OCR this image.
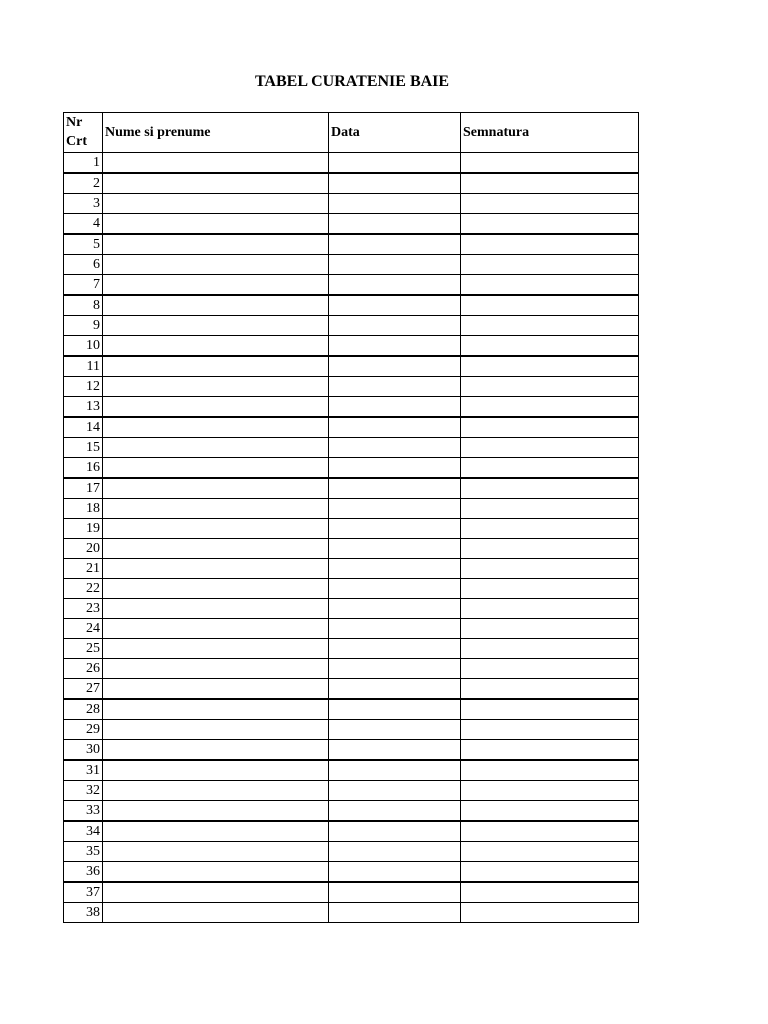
TABEL CURATENIE BAIE
Nr
Crt	Nume si prenume	Data	Semnatura
1			
2			
3			
4			
5			
6			
7			
8			
9			
10			
11			
12			
13			
14			
15			
16			
17			
18			
19			
20			
21			
22			
23			
24			
25			
26			
27			
28			
29			
30			
31			
32			
33			
34			
35			
36			
37			
38			
